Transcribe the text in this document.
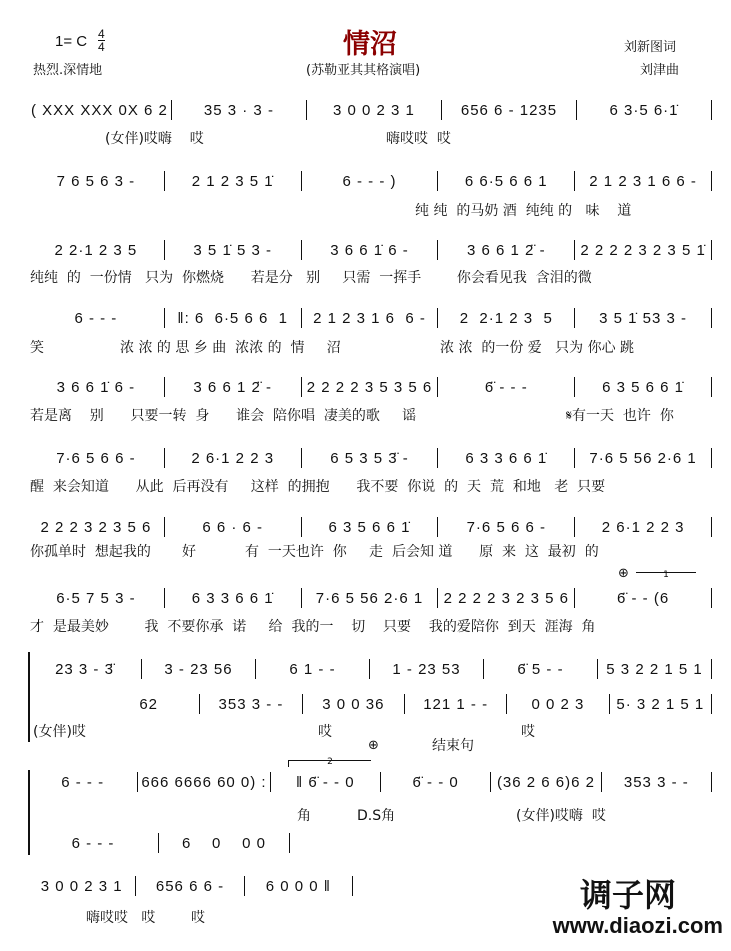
1= C $\frac{4}{4}$	情沼
热烈.深情地	(苏勒亚其其格演唱)
刘新图词
刘津曲
( XXX XXX 0X 6 2	35 3 · 3 -	3 0 0 2 3 1	656 6 - 1235	6 3·5 6·1̇
(女伴)哎嗨    哎	嗨哎哎  哎
7 6 5 6 3 -	2 1 2 3 5 1̇	6 - - - )	6 6·5 6 6 1	2 1 2 3 1 6 6 -
纯 纯  的马奶 酒  纯纯 的   味    道
2 2·1 2 3 5	3 5 1̇ 5 3 -	3 6 6 1̇ 6 -	3 6 6 1 2̈ -	2 2 2 2 3 2 3 5 1̇
纯纯  的  一份情   只为  你燃烧      若是分   别     只需  一挥手        你会看见我  含泪的微
6 - - -	‖: 6  6·5 6 6  1	2 1 2 3 1 6  6 -	2  2·1 2 3  5	3 5 1̇ 53 3 -
笑	浓 浓 的 思 乡 曲  浓浓 的  情     沼	浓 浓  的一份 爱   只为 你心 跳
3 6 6 1̇ 6 -	3 6 6 1 2̈ -	2 2 2 2 3 5 3 5 6	6̈ - - -	6 3 5 6 6 1̇
若是离    别      只要一转  身      谁会  陪你唱  凄美的歌     谣	𝄋有一天  也许  你
7·6 5 6 6 -	2 6·1 2 2 3	6 5 3 5 3̈ -	6 3 3 6 6 1̇	7·6 5 56 2·6 1
醒  来会知道      从此  后再没有     这样  的拥抱      我不要  你说  的  天  荒  和地   老  只要
2 2 2 3 2 3 5 6	6 6 · 6 -	6 3 5 6 6 1̇	7·6 5 6 6 -	2 6·1 2 2 3
你孤单时  想起我的       好           有  一天也许  你     走  后会知 道      原  来  这  最初  的
⊕	1
6·5 7 5 3 -	6 3 3 6 6 1̇	7·6 5 56 2·6 1	2 2 2 2 3 2 3 5 6	6̈ - - (6
才  是最美妙        我  不要你承  诺     给  我的一    切    只要    我的爱陪你  到天  涯海  角
23 3 - 3̈	3 - 23 56	6 1 - -	1 - 23 53	6̈ 5 - -	5 3 2 2 1 5 1
62	353 3 - -	3 0 0 36	121 1 - -	0 0 2 3	5· 3 2 1 5 1
(女伴)哎	哎	哎
⊕	结束句
2
6 - - -	666 6666 60 0) :	‖ 6̈ - - 0	6̈ - - 0	(36 2 6 6)6 2	353 3 - -
6 - - -	6    0    0 0
角	D.S角	(女伴)哎嗨  哎
3 0 0 2 3 1	656 6 6 -	6 0 0 0 ‖
嗨哎哎   哎        哎
调子网
www.diaozi.com
